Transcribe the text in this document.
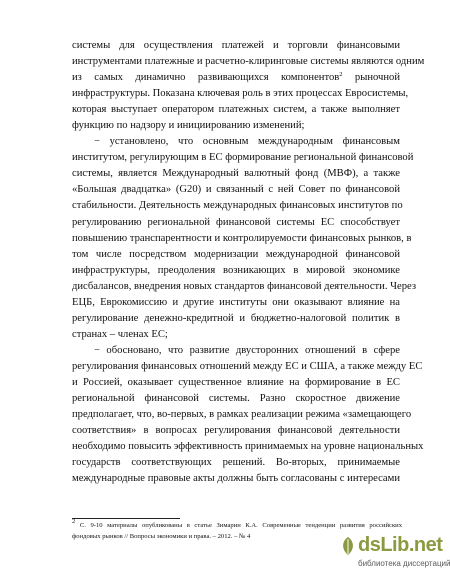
системы для осуществления платежей и торговли финансовыми
инструментами платежные и расчетно-клиринговые системы являются одним
из самых динамично развивающихся компонентов$^2$ рыночной
инфраструктуры. Показана ключевая роль в этих процессах Евросистемы,
которая выступает оператором платежных систем, а также выполняет
функцию по надзору и инициированию изменений;
− установлено, что основным международным финансовым
институтом, регулирующим в ЕС формирование региональной финансовой
системы, является Международный валютный фонд (МВФ), а также
«Большая двадцатка» (G20) и связанный с ней Совет по финансовой
стабильности. Деятельность международных финансовых институтов по
регулированию региональной финансовой системы ЕС способствует
повышению транспарентности и контролируемости финансовых рынков, в
том числе посредством модернизации международной финансовой
инфраструктуры, преодоления возникающих в мировой экономике
дисбалансов, внедрения новых стандартов финансовой деятельности. Через
ЕЦБ, Еврокомиссию и другие институты они оказывают влияние на
регулирование денежно-кредитной и бюджетно-налоговой политик в
странах – членах ЕС;
− обосновано, что развитие двусторонних отношений в сфере
регулирования финансовых отношений между ЕС и США, а также между ЕС
и Россией, оказывает существенное влияние на формирование в ЕС
региональной финансовой системы. Разно скоростное движение
предполагает, что, во-первых, в рамках реализации режима «замещающего
соответствия» в вопросах регулирования финансовой деятельности
необходимо повысить эффективность принимаемых на уровне национальных
государств соответствующих решений. Во-вторых, принимаемые
международные правовые акты должны быть согласованы с интересами
$^2$ С. 9-10 материалы опубликованы в статье Зимарин К.А. Современные тенденции развития российских
фондовых рынков // Вопросы экономики и права. – 2012. – № 4	dsLib.net
библиотека диссертаций
